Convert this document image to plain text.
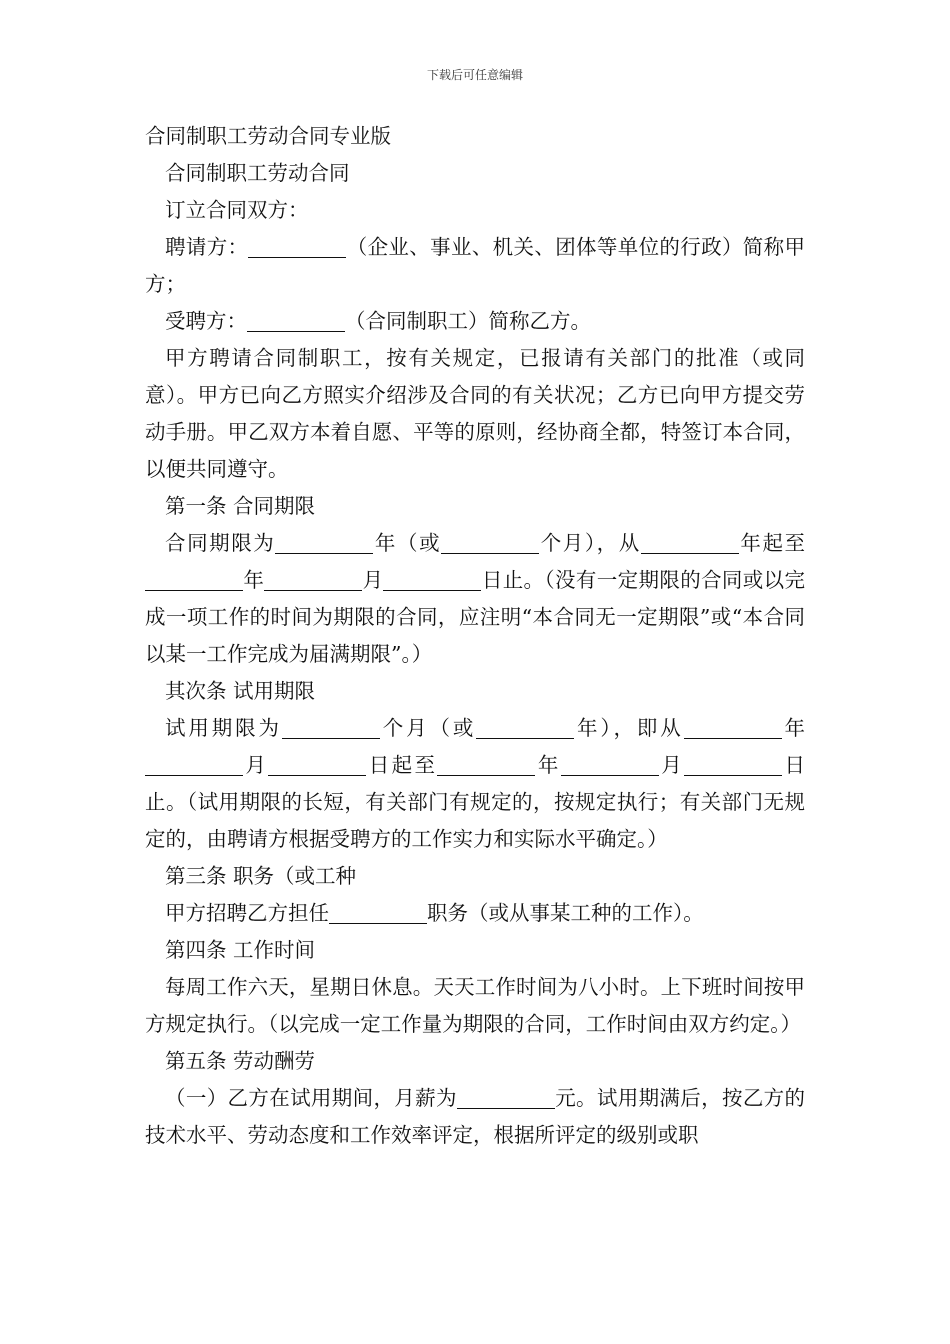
下载后可任意编辑

合同制职工劳动合同专业版

合同制职工劳动合同

订立合同双方：

聘请方：	（企业、事业、机关、团体等单位的行政）简称甲方；

受聘方：	（合同制职工）简称乙方。

甲方聘请合同制职工，按有关规定，已报请有关部门的批准（或同意）。甲方已向乙方照实介绍涉及合同的有关状况；乙方已向甲方提交劳动手册。甲乙双方本着自愿、平等的原则，经协商全都，特签订本合同，以便共同遵守。

第一条 合同期限

合同期限为	年（或	个月），从	年起至年	月	日止。（没有一定期限的合同或以完成一项工作的时间为期限的合同，应注明“本合同无一定期限”或“本合同以某一工作完成为届满期限”。）

其次条 试用期限

试用期限为	个月（或	年），即从	年月	日起至	年	月	日止。（试用期限的长短，有关部门有规定的，按规定执行；有关部门无规定的，由聘请方根据受聘方的工作实力和实际水平确定。）

第三条 职务（或工种

甲方招聘乙方担任	职务（或从事某工种的工作）。

第四条 工作时间

每周工作六天，星期日休息。天天工作时间为八小时。上下班时间按甲方规定执行。（以完成一定工作量为期限的合同，工作时间由双方约定。）

第五条 劳动酬劳

（一）乙方在试用期间，月薪为	元。试用期满后，按乙方的技术水平、劳动态度和工作效率评定，根据所评定的级别或职
